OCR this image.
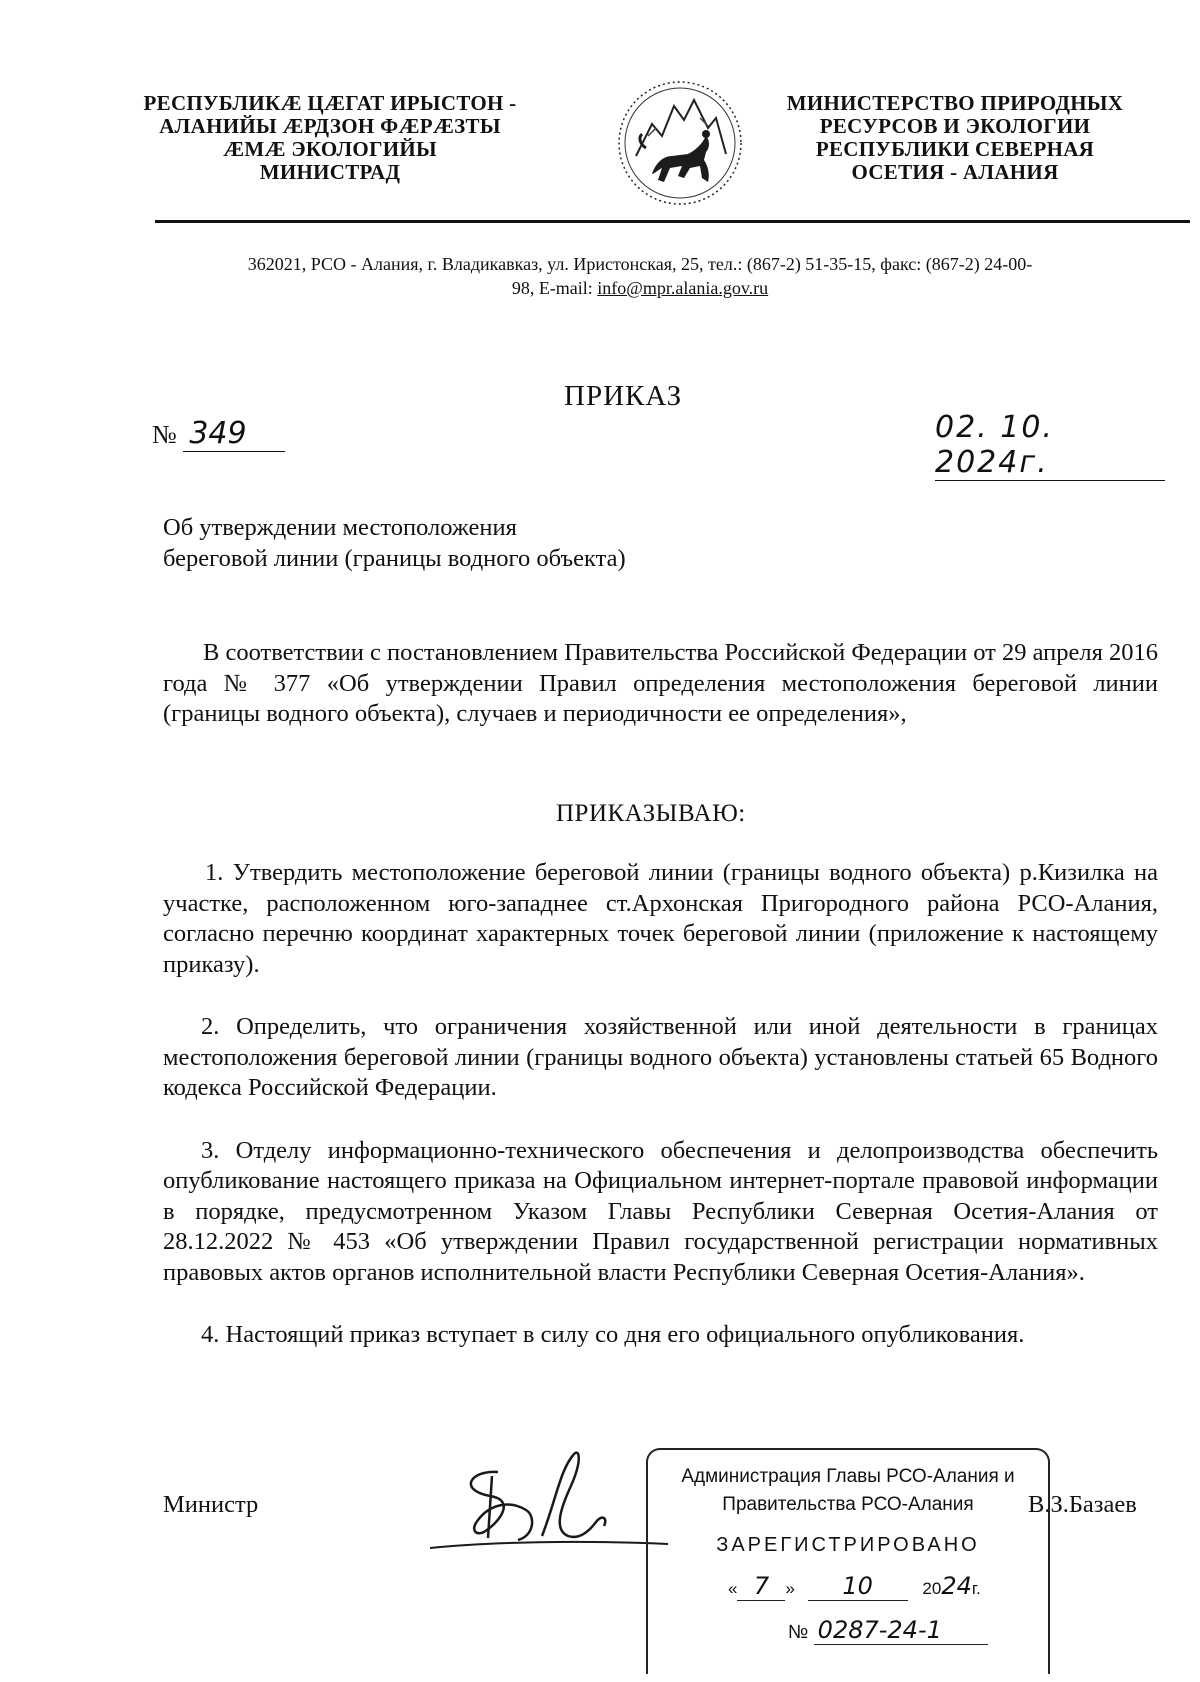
РЕСПУБЛИКӔ ЦӔГАТ ИРЫСТОН -
АЛАНИЙЫ ӔРДЗОН ФӔРӔЗТЫ
ӔМӔ ЭКОЛОГИЙЫ
МИНИСТРАД
МИНИСТЕРСТВО ПРИРОДНЫХ
РЕСУРСОВ И ЭКОЛОГИИ
РЕСПУБЛИКИ СЕВЕРНАЯ
ОСЕТИЯ - АЛАНИЯ
362021, РСО - Алания, г. Владикавказ, ул. Иристонская, 25, тел.: (867-2) 51-35-15, факс: (867-2) 24-00-
98, E-mail: info@mpr.alania.gov.ru
ПРИКАЗ
№ 349	02. 10. 2024г.
Об утверждении местоположения
береговой линии (границы водного объекта)

В соответствии с постановлением Правительства Российской Федерации от 29 апреля 2016 года № 377 «Об утверждении Правил определения местоположения береговой линии (границы водного объекта), случаев и периодичности ее определения»,

ПРИКАЗЫВАЮ:

1. Утвердить местоположение береговой линии (границы водного объекта) р.Кизилка на участке, расположенном юго-западнее ст.Архонская Пригородного района РСО-Алания, согласно перечню координат характерных точек береговой линии (приложение к настоящему приказу).

2. Определить, что ограничения хозяйственной или иной деятельности в границах местоположения береговой линии (границы водного объекта) установлены статьей 65 Водного кодекса Российской Федерации.

3. Отделу информационно-технического обеспечения и делопроизводства обеспечить опубликование настоящего приказа на Официальном интернет-портале правовой информации в порядке, предусмотренном Указом Главы Республики Северная Осетия-Алания от 28.12.2022 № 453 «Об утверждении Правил государственной регистрации нормативных правовых актов органов исполнительной власти Республики Северная Осетия-Алания».

4. Настоящий приказ вступает в силу со дня его официального опубликования.

Министр	В.З.Базаев
Администрация Главы РСО-Алания и
Правительства РСО-Алания
ЗАРЕГИСТРИРОВАНО
« 7 » 10	2024г.
№ 0287-24-1
